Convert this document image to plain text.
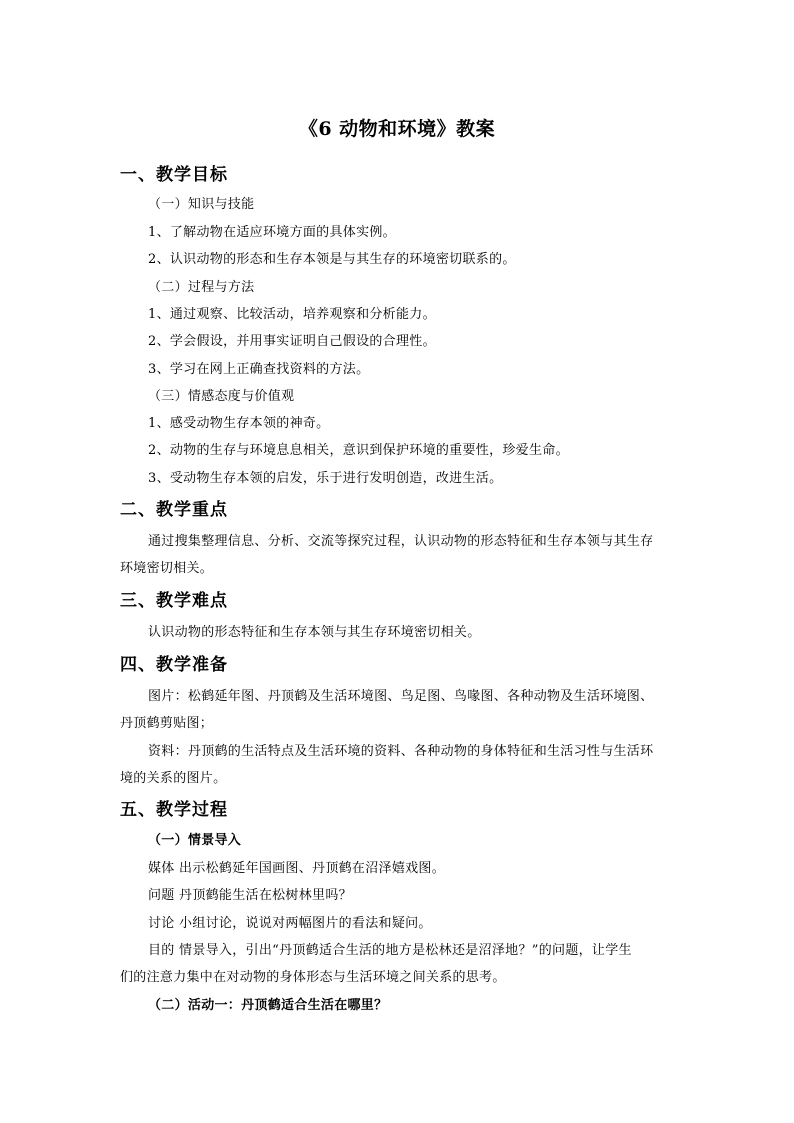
《6 动物和环境》教案
一、教学目标
（一）知识与技能
1、了解动物在适应环境方面的具体实例。
2、认识动物的形态和生存本领是与其生存的环境密切联系的。
（二）过程与方法
1、通过观察、比较活动，培养观察和分析能力。
2、学会假设，并用事实证明自己假设的合理性。
3、学习在网上正确查找资料的方法。
（三）情感态度与价值观
1、感受动物生存本领的神奇。
2、动物的生存与环境息息相关，意识到保护环境的重要性，珍爱生命。
3、受动物生存本领的启发，乐于进行发明创造，改进生活。
二、教学重点
通过搜集整理信息、分析、交流等探究过程，认识动物的形态特征和生存本领与其生存
环境密切相关。
三、教学难点
认识动物的形态特征和生存本领与其生存环境密切相关。
四、教学准备
图片：松鹤延年图、丹顶鹤及生活环境图、鸟足图、鸟喙图、各种动物及生活环境图、
丹顶鹤剪贴图；
资料：丹顶鹤的生活特点及生活环境的资料、各种动物的身体特征和生活习性与生活环
境的关系的图片。
五、教学过程
（一）情景导入
媒体 出示松鹤延年国画图、丹顶鹤在沼泽嬉戏图。
问题 丹顶鹤能生活在松树林里吗？
讨论 小组讨论，说说对两幅图片的看法和疑问。
目的 情景导入，引出“丹顶鹤适合生活的地方是松林还是沼泽地？”的问题，让学生
们的注意力集中在对动物的身体形态与生活环境之间关系的思考。
（二）活动一：丹顶鹤适合生活在哪里？
